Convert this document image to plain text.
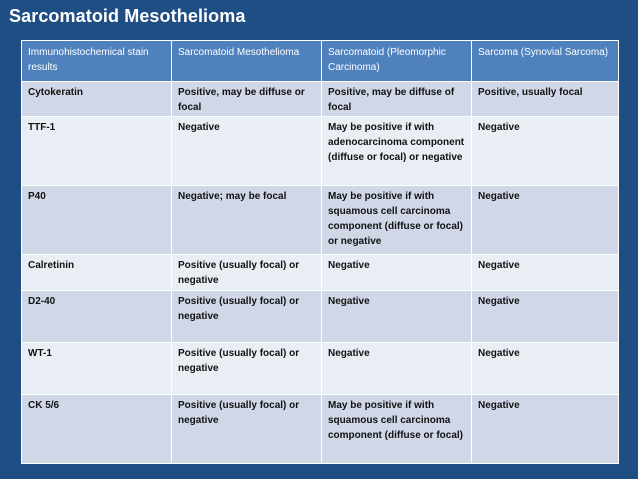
Sarcomatoid Mesothelioma
Immunohistochemical stain results	Sarcomatoid Mesothelioma	Sarcomatoid (Pleomorphic Carcinoma)	Sarcoma (Synovial Sarcoma)
Cytokeratin	Positive, may be diffuse or focal	Positive, may be diffuse of focal	Positive, usually focal
TTF-1	Negative	May be positive if with adenocarcinoma component (diffuse or focal) or negative	Negative
P40	Negative; may be focal	May be positive if with squamous cell carcinoma component (diffuse or focal) or negative	Negative
Calretinin	Positive (usually focal) or negative	Negative	Negative
D2-40	Positive (usually focal) or negative	Negative	Negative
WT-1	Positive (usually focal) or negative	Negative	Negative
CK 5/6	Positive (usually focal) or negative	May be positive if with squamous cell carcinoma component (diffuse or focal)	Negative
